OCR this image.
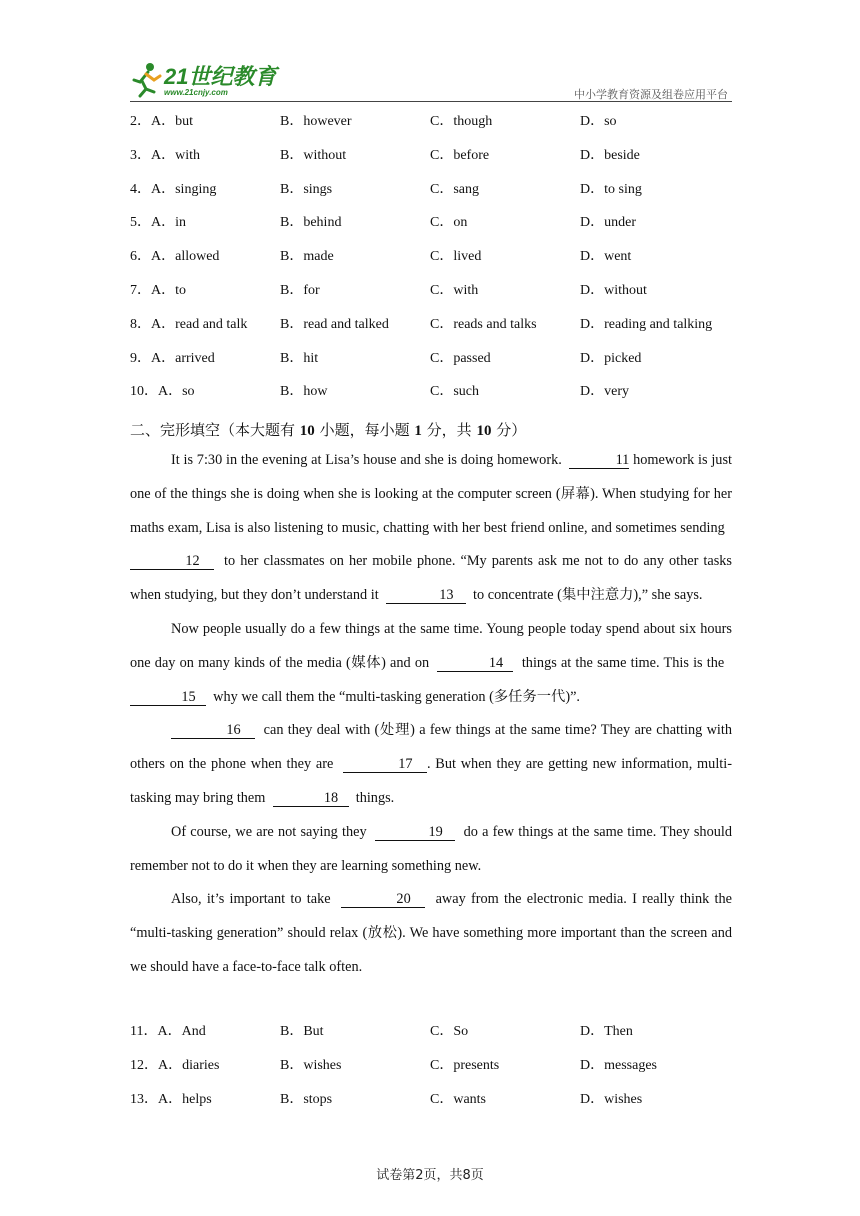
21世纪教育
www.21cnjy.com	中小学教育资源及组卷应用平台
2．A．but	B．however	C．though	D．so
3．A．with	B．without	C．before	D．beside
4．A．singing	B．sings	C．sang	D．to sing
5．A．in	B．behind	C．on	D．under
6．A．allowed	B．made	C．lived	D．went
7．A．to	B．for	C．with	D．without
8．A．read and talk B．read and talked	C．reads and talks	D．reading and talking
9．A．arrived	B．hit	C．passed	D．picked
10．A．so	B．how	C．such	D．very
二、完形填空（本大题有 10 小题，每小题 1 分，共 10 分）

It is 7:30 in the evening at Lisa’s house and she is doing homework.	11 homework is just one of the things she is doing when she is looking at the computer screen (屏幕). When studying for her maths exam, Lisa is also listening to music, chatting with her best friend online, and sometimes sending  12 to her classmates on her mobile phone. “My parents ask me not to do any other tasks when studying, but they don’t understand it	13 to concentrate (集中注意力),” she says.

Now people usually do a few things at the same time. Young people today spend about six hours one day on many kinds of the media (媒体) and on	14 things at the same time. This is the  15 why we call them the “multi-tasking generation (多任务一代)”.

16 can they deal with (处理) a few things at the same time? They are chatting with others on the phone when they are	17 . But when they are getting new information, multi-tasking may bring them	18 things.

Of course, we are not saying they	19 do a few things at the same time. They should remember not to do it when they are learning something new.

Also, it’s important to take	20 away from the electronic media. I really think the “multi-tasking generation” should relax (放松). We have something more important than the screen and we should have a face-to-face talk often.

11．A．And	B．But	C．So	D．Then
12．A．diaries	B．wishes	C．presents	D．messages
13．A．helps	B．stops	C．wants	D．wishes
试卷第2页，共8页
